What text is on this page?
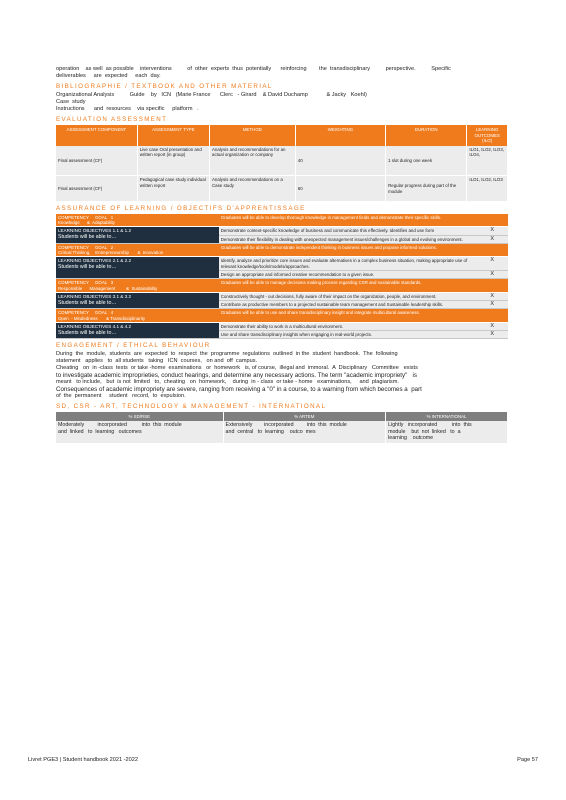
operation    as well  as possible    interventions          of  other  experts  thus  potentially      reinforcing        the  transdisciplinary          perspective.          Specific
deliverables     are  expected     each  day.
BIBLIOGRAPHIE / TEXTBOOK AND OTHER MATERIAL
Organizational Analysis          Guide    by   ICN   (Marie France      Clerc   - Girard    & David Duchamp            & Jacky   Koehl)
Case  study
Instructions      and  resources    via specific     platform   .
EVALUATION ASSESSMENT
ASSESSMENT COMPONENT	ASSESSMENT TYPE	METHOD	WEIGHTING	DURATION	LEARNING OUTCOMES (ILO)
Final assessment (CF)	Live case Oral presentation and written report (in group)	Analysis and recommendations for an actual organization or company	40	1 slot during one week	ILO1, ILO2, ILO3, ILO4,
Final assessment (CF)	Pedagogical case study individual written report	Analysis and recommendations on a Case study	60	Regular progress during part of the module	ILO1, ILO2, ILO3
ASSURANCE OF LEARNING / OBJECTIFS D'APPRENTISSAGE
COMPETENCY     GOAL   1
Knowledge      &  Adaptability	Graduates will be able to develop thorough knowledge in management fields and demonstrate their specific skills.	

LEARNING OBJECTIVES 1.1 & 1.2
Students will be able to…	Demonstrate context-specific knowledge of business and communicate this effectively. Identifies and use form	X
	Demonstrate their flexibility in dealing with unexpected management issues/challenges in a global and evolving environment.	X
COMPETENCY     GOAL   2
Critical Thinking,    Entrepreneurship       &  Innovation	Graduates will be able to demonstrate independent thinking in business issues and propose informed solutions.	

LEARNING OBJECTIVES 2.1 & 2.2
Students will be able to…	Identify, analyze and prioritize core issues and evaluate alternatives in a complex business situation, making appropriate use of relevant knowledge/tools/models/approaches.	X
	Design an appropriate and informed creative recommendation to a given issue.	X
COMPETENCY     GOAL   3
Responsible      Management         &  Sustainability	Graduates will be able to manage decisions making process regarding CSR and sustainable standards.	

LEARNING OBJECTIVES 3.1 & 3.2
Students will be able to…	Constructively thought - out decisions, fully aware of their impact on the organization, people, and environment.	X
	Contribute as productive members to a projected sustainable team management and Sustainable leadership skills.	X
COMPETENCY     GOAL   4
Open  - Mindedness       & Transdisciplinarity	Graduates will be able to use and share transdisciplinary insight and integrate multicultural awareness.	

LEARNING OBJECTIVES 4.1 & 4.2
Students will be able to…	Demonstrate their ability to work in a multicultural environment.	X
	Use and share transdisciplinary insights when engaging in real-world projects.	X
ENGAGEMENT / ETHICAL BEHAVIOUR
During  the  module,  students  are  expected  to  respect  the  programme  regulations  outlined  in the  student  handbook.  The  following
statement   applies   to  all students   taking   ICN  courses,   on and  off  campus.
Cheating   on  in -class  tests  or take -home  examinations   or  homework   is, of course,  illegal and  immoral.  A  Disciplinary   Committee   exists
to investigate academic improprieties, conduct hearings, and determine any necessary actions. The term "academic impropriety"   is
meant   to include,   but  is not  limited   to,  cheating   on  homework,    during  in - class  or take - home   examinations,     and  plagiarism.
Consequences of academic impropriety are severe, ranging from receiving a "0" in a course, to a warning from which becomes a  part
of  the  permanent     student   record,  to  expulsion.
SD, CSR - ART, TECHNOLOGY & MANAGEMENT - INTERNATIONAL
% SD/RSE	% ARTEM	% INTERNATIONAL
Moderately         incorporated          into  this  module
and  linked   to  learning   outcomes	Extensively        incorporated         into  this  module
and  central   to  learning    outco  mes	Lightly   incorporated          into  this
module    but  not  linked   to  a
learning    outcome
Livret PGE3 | Student handbook 2021 -2022	Page 57
